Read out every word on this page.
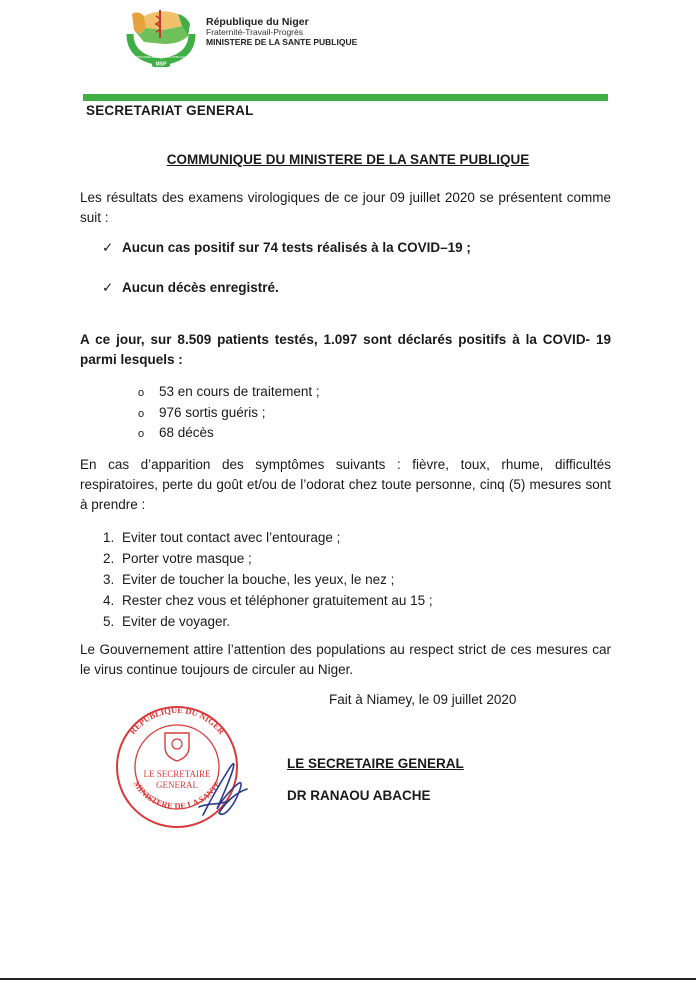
MINISTERE DE LA SANTE PUBLIQUE
MSP
République du Niger
Fraternité-Travail-Progrès
MINISTERE DE LA SANTE PUBLIQUE
SECRETARIAT GENERAL
COMMUNIQUE DU MINISTERE DE LA SANTE PUBLIQUE
Les résultats des examens virologiques de ce jour 09 juillet 2020 se présentent comme suit :
✓ Aucun cas positif sur 74 tests réalisés à la COVID–19 ;
✓ Aucun décès enregistré.
A ce jour, sur 8.509 patients testés, 1.097 sont déclarés positifs à la COVID- 19 parmi lesquels :
o 53 en cours de traitement ;
o 976 sortis guéris ;
o 68 décès
En cas d’apparition des symptômes suivants : fièvre, toux, rhume, difficultés respiratoires, perte du goût et/ou de l’odorat chez toute personne, cinq (5) mesures sont à prendre :
1. Eviter tout contact avec l’entourage ;
2. Porter votre masque ;
3. Eviter de toucher la bouche, les yeux, le nez ;
4. Rester chez vous et téléphoner gratuitement au 15 ;
5. Eviter de voyager.
Le Gouvernement attire l’attention des populations au respect strict de ces mesures car le virus continue toujours de circuler au Niger.
Fait à Niamey, le 09 juillet 2020
REPUBLIQUE DU NIGER
MINISTERE DE LA SANTE
LE SECRETAIRE
GENERAL
LE SECRETAIRE GENERAL
DR RANAOU ABACHE
